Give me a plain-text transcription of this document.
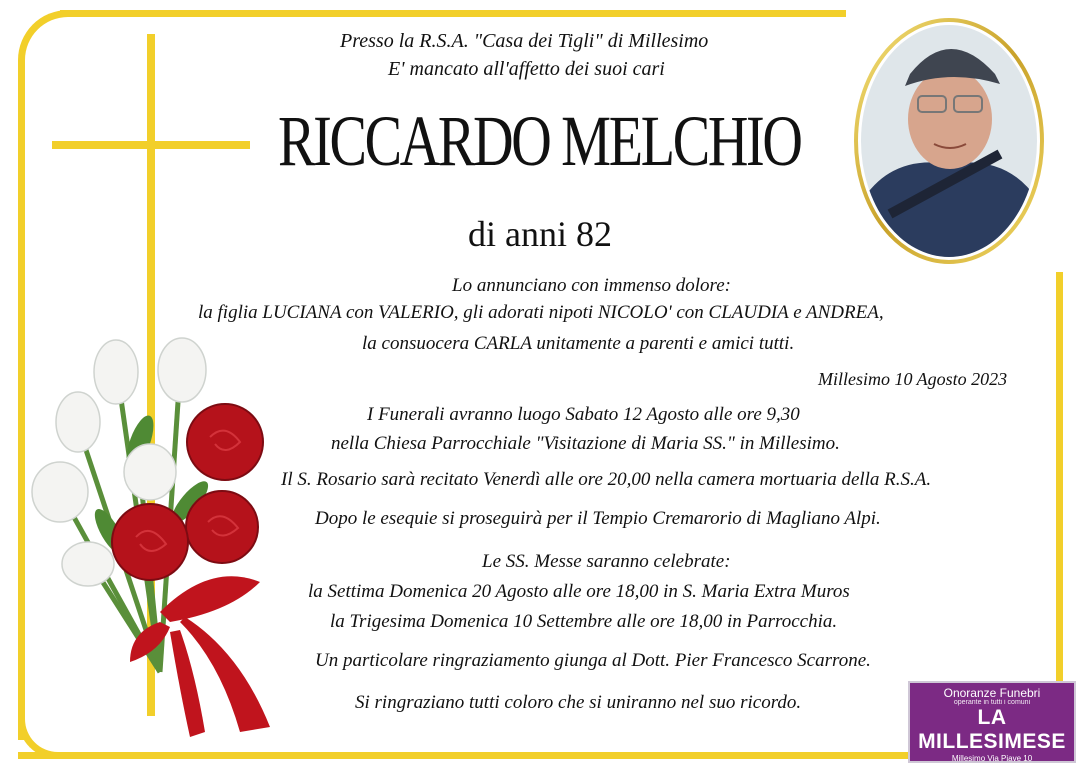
Presso la R.S.A. "Casa dei Tigli" di Millesimo
E' mancato all'affetto dei suoi cari
RICCARDO MELCHIO
di anni 82
Lo annunciano con immenso dolore:
la figlia LUCIANA con VALERIO, gli adorati nipoti NICOLO' con CLAUDIA e ANDREA,
la consuocera CARLA unitamente a parenti e amici tutti.
Millesimo 10 Agosto 2023
I Funerali avranno luogo Sabato 12 Agosto alle ore 9,30
nella Chiesa Parrocchiale "Visitazione di Maria SS." in Millesimo.
Il S. Rosario sarà recitato Venerdì alle ore 20,00 nella camera mortuaria della R.S.A.
Dopo le esequie si proseguirà per il Tempio Cremarorio di Magliano Alpi.
Le SS. Messe saranno celebrate:
la Settima Domenica 20 Agosto alle ore 18,00 in S. Maria Extra Muros
la Trigesima Domenica 10 Settembre alle ore 18,00 in Parrocchia.
Un particolare ringraziamento giunga al Dott. Pier Francesco Scarrone.
Si ringraziano tutti coloro che si uniranno nel suo ricordo.	Onoranze Funebri
operante in tutti i comuni
LA MILLESIMESE
Millesimo Via Piave 10
Nadia e Flavio Martino
Tel. 338 2099781
